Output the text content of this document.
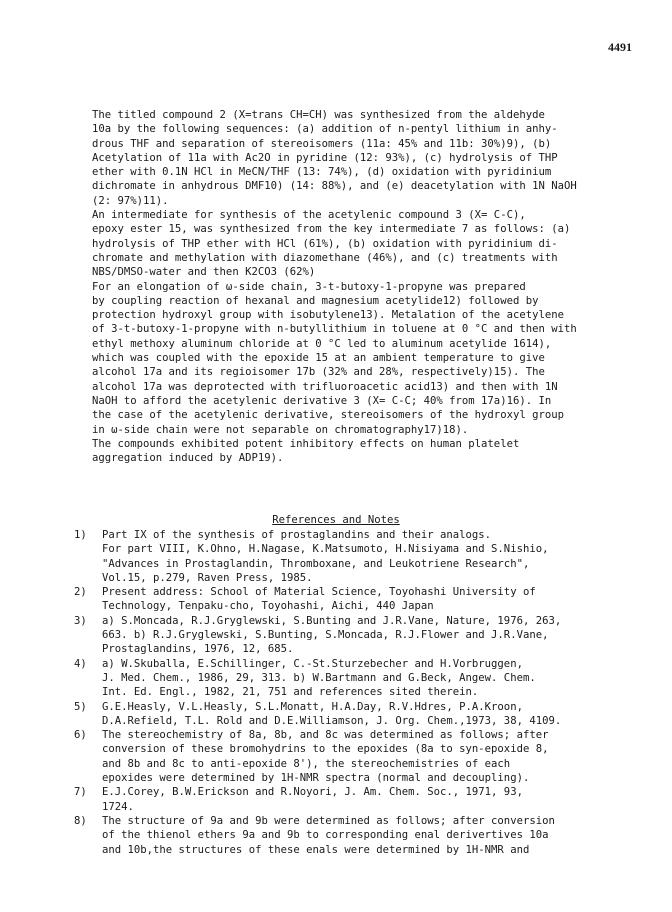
4491
The titled compound 2 (X=trans CH=CH) was synthesized from the aldehyde
10a by the following sequences: (a) addition of n-pentyl lithium in anhy-
drous THF and separation of stereoisomers (11a: 45% and 11b: 30%)9), (b)
Acetylation of 11a with Ac2O in pyridine (12: 93%), (c) hydrolysis of THP
ether with 0.1N HCl in MeCN/THF (13: 74%), (d) oxidation with pyridinium
dichromate in anhydrous DMF10) (14: 88%), and (e) deacetylation with 1N NaOH
(2: 97%)11).
An intermediate for synthesis of the acetylenic compound 3 (X= C-C),
epoxy ester 15, was synthesized from the key intermediate 7 as follows: (a)
hydrolysis of THP ether with HCl (61%), (b) oxidation with pyridinium di-
chromate and methylation with diazomethane (46%), and (c) treatments with
NBS/DMSO-water and then K2CO3 (62%)
For an elongation of ω-side chain, 3-t-butoxy-1-propyne was prepared
by coupling reaction of hexanal and magnesium acetylide12) followed by
protection hydroxyl group with isobutylene13). Metalation of the acetylene
of 3-t-butoxy-1-propyne with n-butyllithium in toluene at 0 °C and then with
ethyl methoxy aluminum chloride at 0 °C led to aluminum acetylide 1614),
which was coupled with the epoxide 15 at an ambient temperature to give
alcohol 17a and its regioisomer 17b (32% and 28%, respectively)15). The
alcohol 17a was deprotected with trifluoroacetic acid13) and then with 1N
NaOH to afford the acetylenic derivative 3 (X= C-C; 40% from 17a)16). In
the case of the acetylenic derivative, stereoisomers of the hydroxyl group
in ω-side chain were not separable on chromatography17)18).
The compounds exhibited potent inhibitory effects on human platelet
aggregation induced by ADP19).
References and Notes
1)	Part IX of the synthesis of prostaglandins and their analogs.
For part VIII, K.Ohno, H.Nagase, K.Matsumoto, H.Nisiyama and S.Nishio,
"Advances in Prostaglandin, Thromboxane, and Leukotriene Research",
Vol.15, p.279, Raven Press, 1985.
2)	Present address: School of Material Science, Toyohashi University of
Technology, Tenpaku-cho, Toyohashi, Aichi, 440 Japan
3)	a) S.Moncada, R.J.Gryglewski, S.Bunting and J.R.Vane, Nature, 1976, 263,
663. b) R.J.Gryglewski, S.Bunting, S.Moncada, R.J.Flower and J.R.Vane,
Prostaglandins, 1976, 12, 685.
4)	a) W.Skuballa, E.Schillinger, C.-St.Sturzebecher and H.Vorbruggen,
J. Med. Chem., 1986, 29, 313. b) W.Bartmann and G.Beck, Angew. Chem.
Int. Ed. Engl., 1982, 21, 751 and references sited therein.
5)	G.E.Heasly, V.L.Heasly, S.L.Monatt, H.A.Day, R.V.Hdres, P.A.Kroon,
D.A.Refield, T.L. Rold and D.E.Williamson, J. Org. Chem.,1973, 38, 4109.
6)	The stereochemistry of 8a, 8b, and 8c was determined as follows; after
conversion of these bromohydrins to the epoxides (8a to syn-epoxide 8,
and 8b and 8c to anti-epoxide 8'), the stereochemistries of each
epoxides were determined by 1H-NMR spectra (normal and decoupling).
7)	E.J.Corey, B.W.Erickson and R.Noyori, J. Am. Chem. Soc., 1971, 93,
1724.
8)	The structure of 9a and 9b were determined as follows; after conversion
of the thienol ethers 9a and 9b to corresponding enal derivertives 10a
and 10b,the structures of these enals were determined by 1H-NMR and
